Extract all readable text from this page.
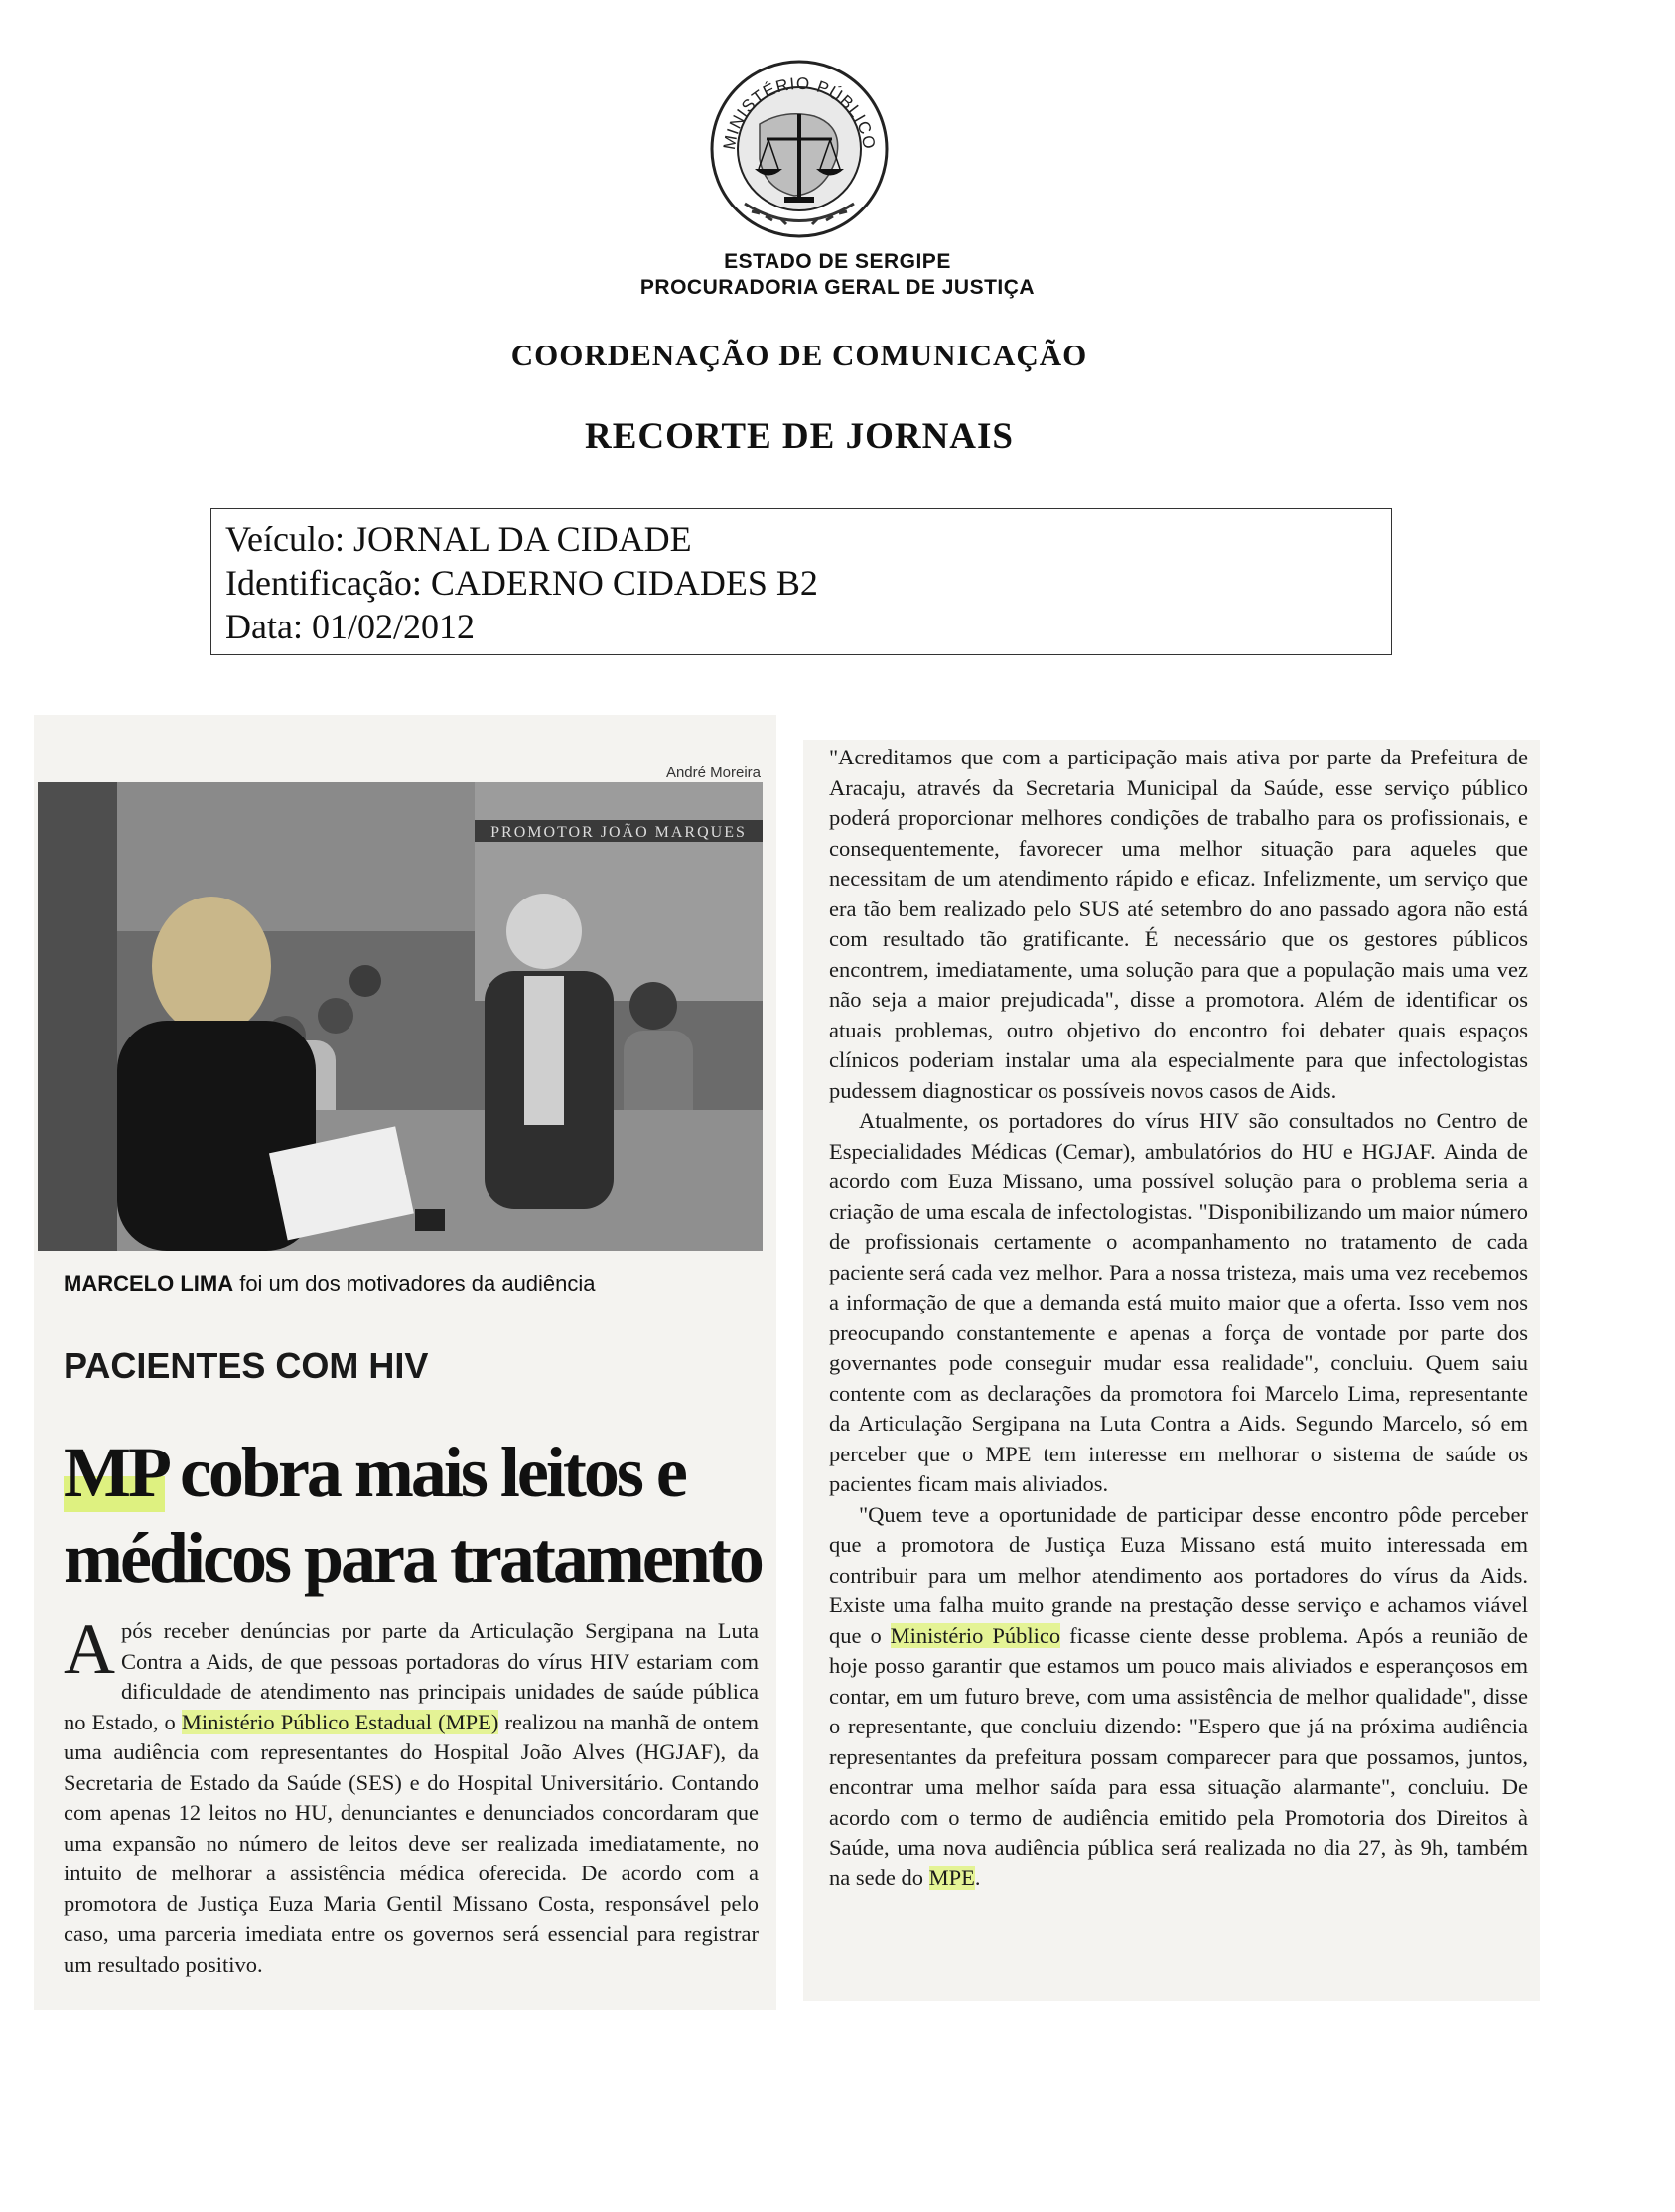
MINISTÉRIO PÚBLICO
ESTADO DE SERGIPE
PROCURADORIA GERAL DE JUSTIÇA
COORDENAÇÃO DE COMUNICAÇÃO
RECORTE DE JORNAIS
Veículo: JORNAL DA CIDADE
Identificação: CADERNO CIDADES B2
Data: 01/02/2012
André Moreira
PROMOTOR JOÃO MARQUES
MARCELO LIMA foi um dos motivadores da audiência
PACIENTES COM HIV
MP cobra mais leitos e
médicos para tratamento

Após receber denúncias por parte da Articulação Sergipana na Luta Contra a Aids, de que pessoas portadoras do vírus HIV estariam com dificuldade de atendimento nas principais unidades de saúde pública no Estado, o Ministério Público Estadual (MPE) realizou na manhã de ontem uma audiência com representantes do Hospital João Alves (HGJAF), da Secretaria de Estado da Saúde (SES) e do Hospital Universitário. Contando com apenas 12 leitos no HU, denunciantes e denunciados concordaram que uma expansão no número de leitos deve ser realizada imediatamente, no intuito de melhorar a assistência médica oferecida. De acordo com a promotora de Justiça Euza Maria Gentil Missano Costa, responsável pelo caso, uma parceria imediata entre os governos será essencial para registrar um resultado positivo.

"Acreditamos que com a participação mais ativa por parte da Prefeitura de Aracaju, através da Secretaria Municipal da Saúde, esse serviço público poderá proporcionar melhores condições de trabalho para os profissionais, e consequentemente, favorecer uma melhor situação para aqueles que necessitam de um atendimento rápido e eficaz. Infelizmente, um serviço que era tão bem realizado pelo SUS até setembro do ano passado agora não está com resultado tão gratificante. É necessário que os gestores públicos encontrem, imediatamente, uma solução para que a população mais uma vez não seja a maior prejudicada", disse a promotora. Além de identificar os atuais problemas, outro objetivo do encontro foi debater quais espaços clínicos poderiam instalar uma ala especialmente para que infectologistas pudessem diagnosticar os possíveis novos casos de Aids.

Atualmente, os portadores do vírus HIV são consultados no Centro de Especialidades Médicas (Cemar), ambulatórios do HU e HGJAF. Ainda de acordo com Euza Missano, uma possível solução para o problema seria a criação de uma escala de infectologistas. "Disponibilizando um maior número de profissionais certamente o acompanhamento no tratamento de cada paciente será cada vez melhor. Para a nossa tristeza, mais uma vez recebemos a informação de que a demanda está muito maior que a oferta. Isso vem nos preocupando constantemente e apenas a força de vontade por parte dos governantes pode conseguir mudar essa realidade", concluiu. Quem saiu contente com as declarações da promotora foi Marcelo Lima, representante da Articulação Sergipana na Luta Contra a Aids. Segundo Marcelo, só em perceber que o MPE tem interesse em melhorar o sistema de saúde os pacientes ficam mais aliviados.

"Quem teve a oportunidade de participar desse encontro pôde perceber que a promotora de Justiça Euza Missano está muito interessada em contribuir para um melhor atendimento aos portadores do vírus da Aids. Existe uma falha muito grande na prestação desse serviço e achamos viável que o Ministério Público ficasse ciente desse problema. Após a reunião de hoje posso garantir que estamos um pouco mais aliviados e esperançosos em contar, em um futuro breve, com uma assistência de melhor qualidade", disse o representante, que concluiu dizendo: "Espero que já na próxima audiência representantes da prefeitura possam comparecer para que possamos, juntos, encontrar uma melhor saída para essa situação alarmante", concluiu. De acordo com o termo de audiência emitido pela Promotoria dos Direitos à Saúde, uma nova audiência pública será realizada no dia 27, às 9h, também na sede do MPE.
